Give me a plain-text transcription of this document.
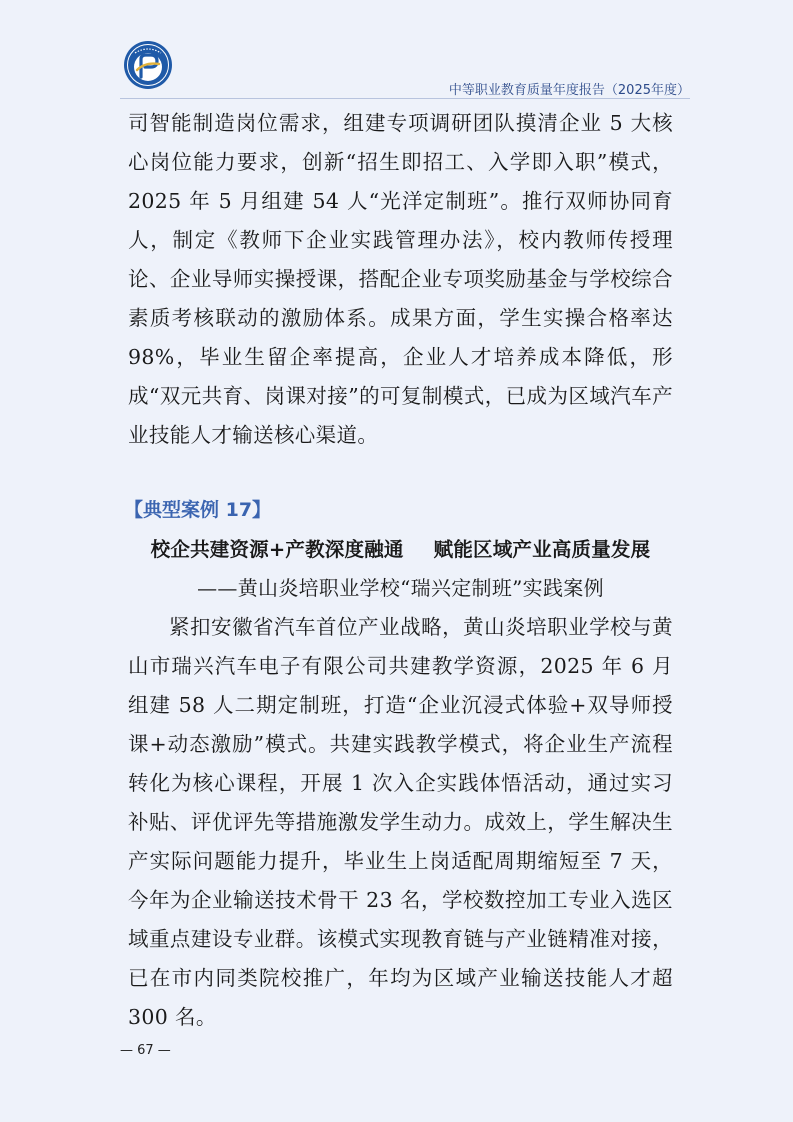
中等职业教育质量年度报告（2025年度）

司智能制造岗位需求，组建专项调研团队摸清企业 5 大核心岗位能力要求，创新“招生即招工、入学即入职”模式，2025 年 5 月组建 54 人“光洋定制班”。推行双师协同育人，制定《教师下企业实践管理办法》，校内教师传授理论、企业导师实操授课，搭配企业专项奖励基金与学校综合素质考核联动的激励体系。成果方面，学生实操合格率达 98%，毕业生留企率提高，企业人才培养成本降低，形成“双元共育、岗课对接”的可复制模式，已成为区域汽车产业技能人才输送核心渠道。

【典型案例 17】

校企共建资源+产教深度融通 赋能区域产业高质量发展

——黄山炎培职业学校“瑞兴定制班”实践案例

紧扣安徽省汽车首位产业战略，黄山炎培职业学校与黄山市瑞兴汽车电子有限公司共建教学资源，2025 年 6 月组建 58 人二期定制班，打造“企业沉浸式体验+双导师授课+动态激励”模式。共建实践教学模式，将企业生产流程转化为核心课程，开展 1 次入企实践体悟活动，通过实习补贴、评优评先等措施激发学生动力。成效上，学生解决生产实际问题能力提升，毕业生上岗适配周期缩短至 7 天，今年为企业输送技术骨干 23 名，学校数控加工专业入选区域重点建设专业群。该模式实现教育链与产业链精准对接，已在市内同类院校推广，年均为区域产业输送技能人才超 300 名。

— 67 —
